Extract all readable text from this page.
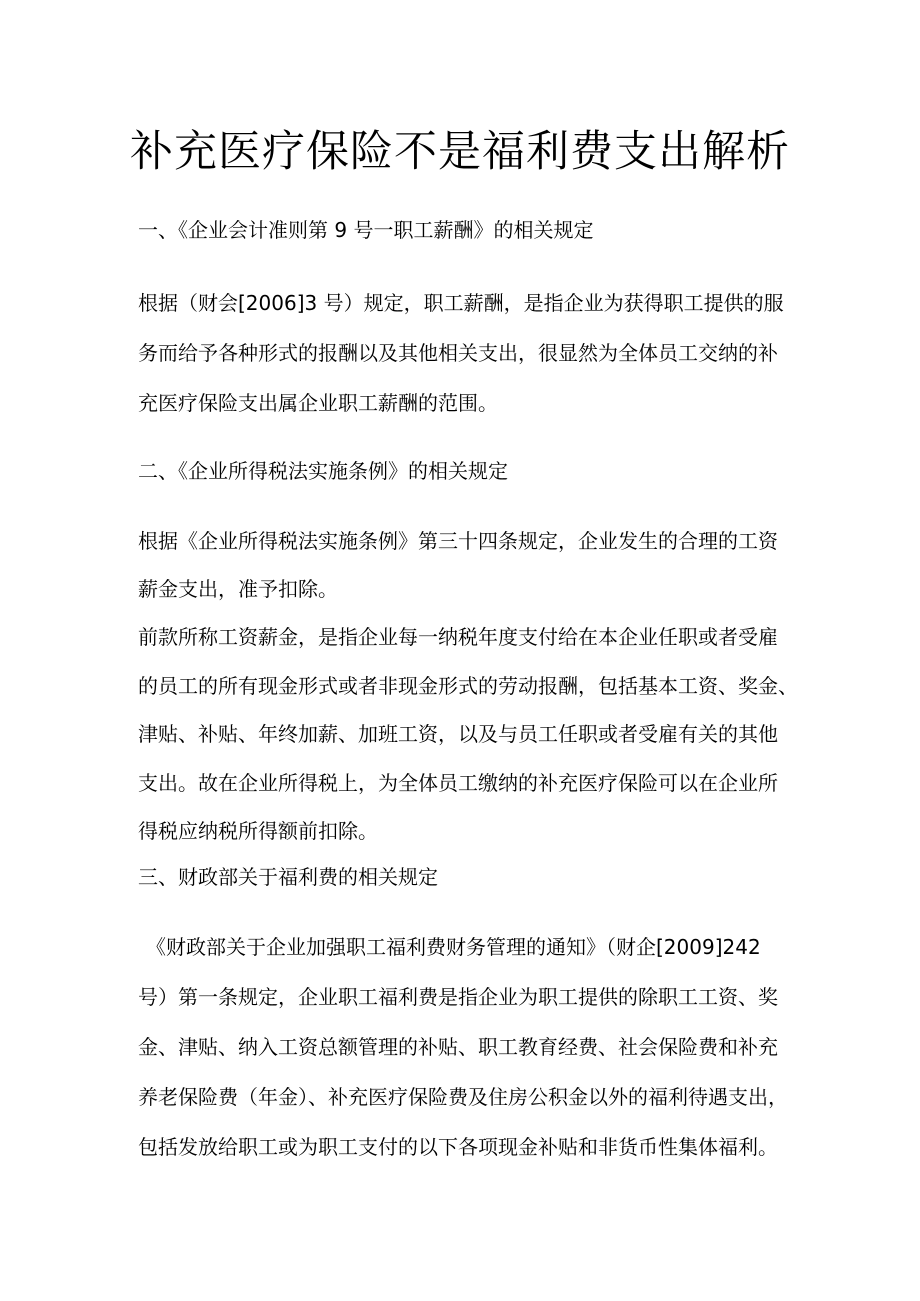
补充医疗保险不是福利费支出解析

一、《企业会计准则第 9 号一职工薪酬》的相关规定

根据（财会[2006]3 号）规定，职工薪酬，是指企业为获得职工提供的服

务而给予各种形式的报酬以及其他相关支出，很显然为全体员工交纳的补

充医疗保险支出属企业职工薪酬的范围。

二、《企业所得税法实施条例》的相关规定

根据《企业所得税法实施条例》第三十四条规定，企业发生的合理的工资

薪金支出，准予扣除。

前款所称工资薪金，是指企业每一纳税年度支付给在本企业任职或者受雇

的员工的所有现金形式或者非现金形式的劳动报酬，包括基本工资、奖金、

津贴、补贴、年终加薪、加班工资，以及与员工任职或者受雇有关的其他

支出。故在企业所得税上，为全体员工缴纳的补充医疗保险可以在企业所

得税应纳税所得额前扣除。

三、财政部关于福利费的相关规定

《财政部关于企业加强职工福利费财务管理的通知》（财企[2009]242

号）第一条规定，企业职工福利费是指企业为职工提供的除职工工资、奖

金、津贴、纳入工资总额管理的补贴、职工教育经费、社会保险费和补充

养老保险费（年金）、补充医疗保险费及住房公积金以外的福利待遇支出，

包括发放给职工或为职工支付的以下各项现金补贴和非货币性集体福利。
